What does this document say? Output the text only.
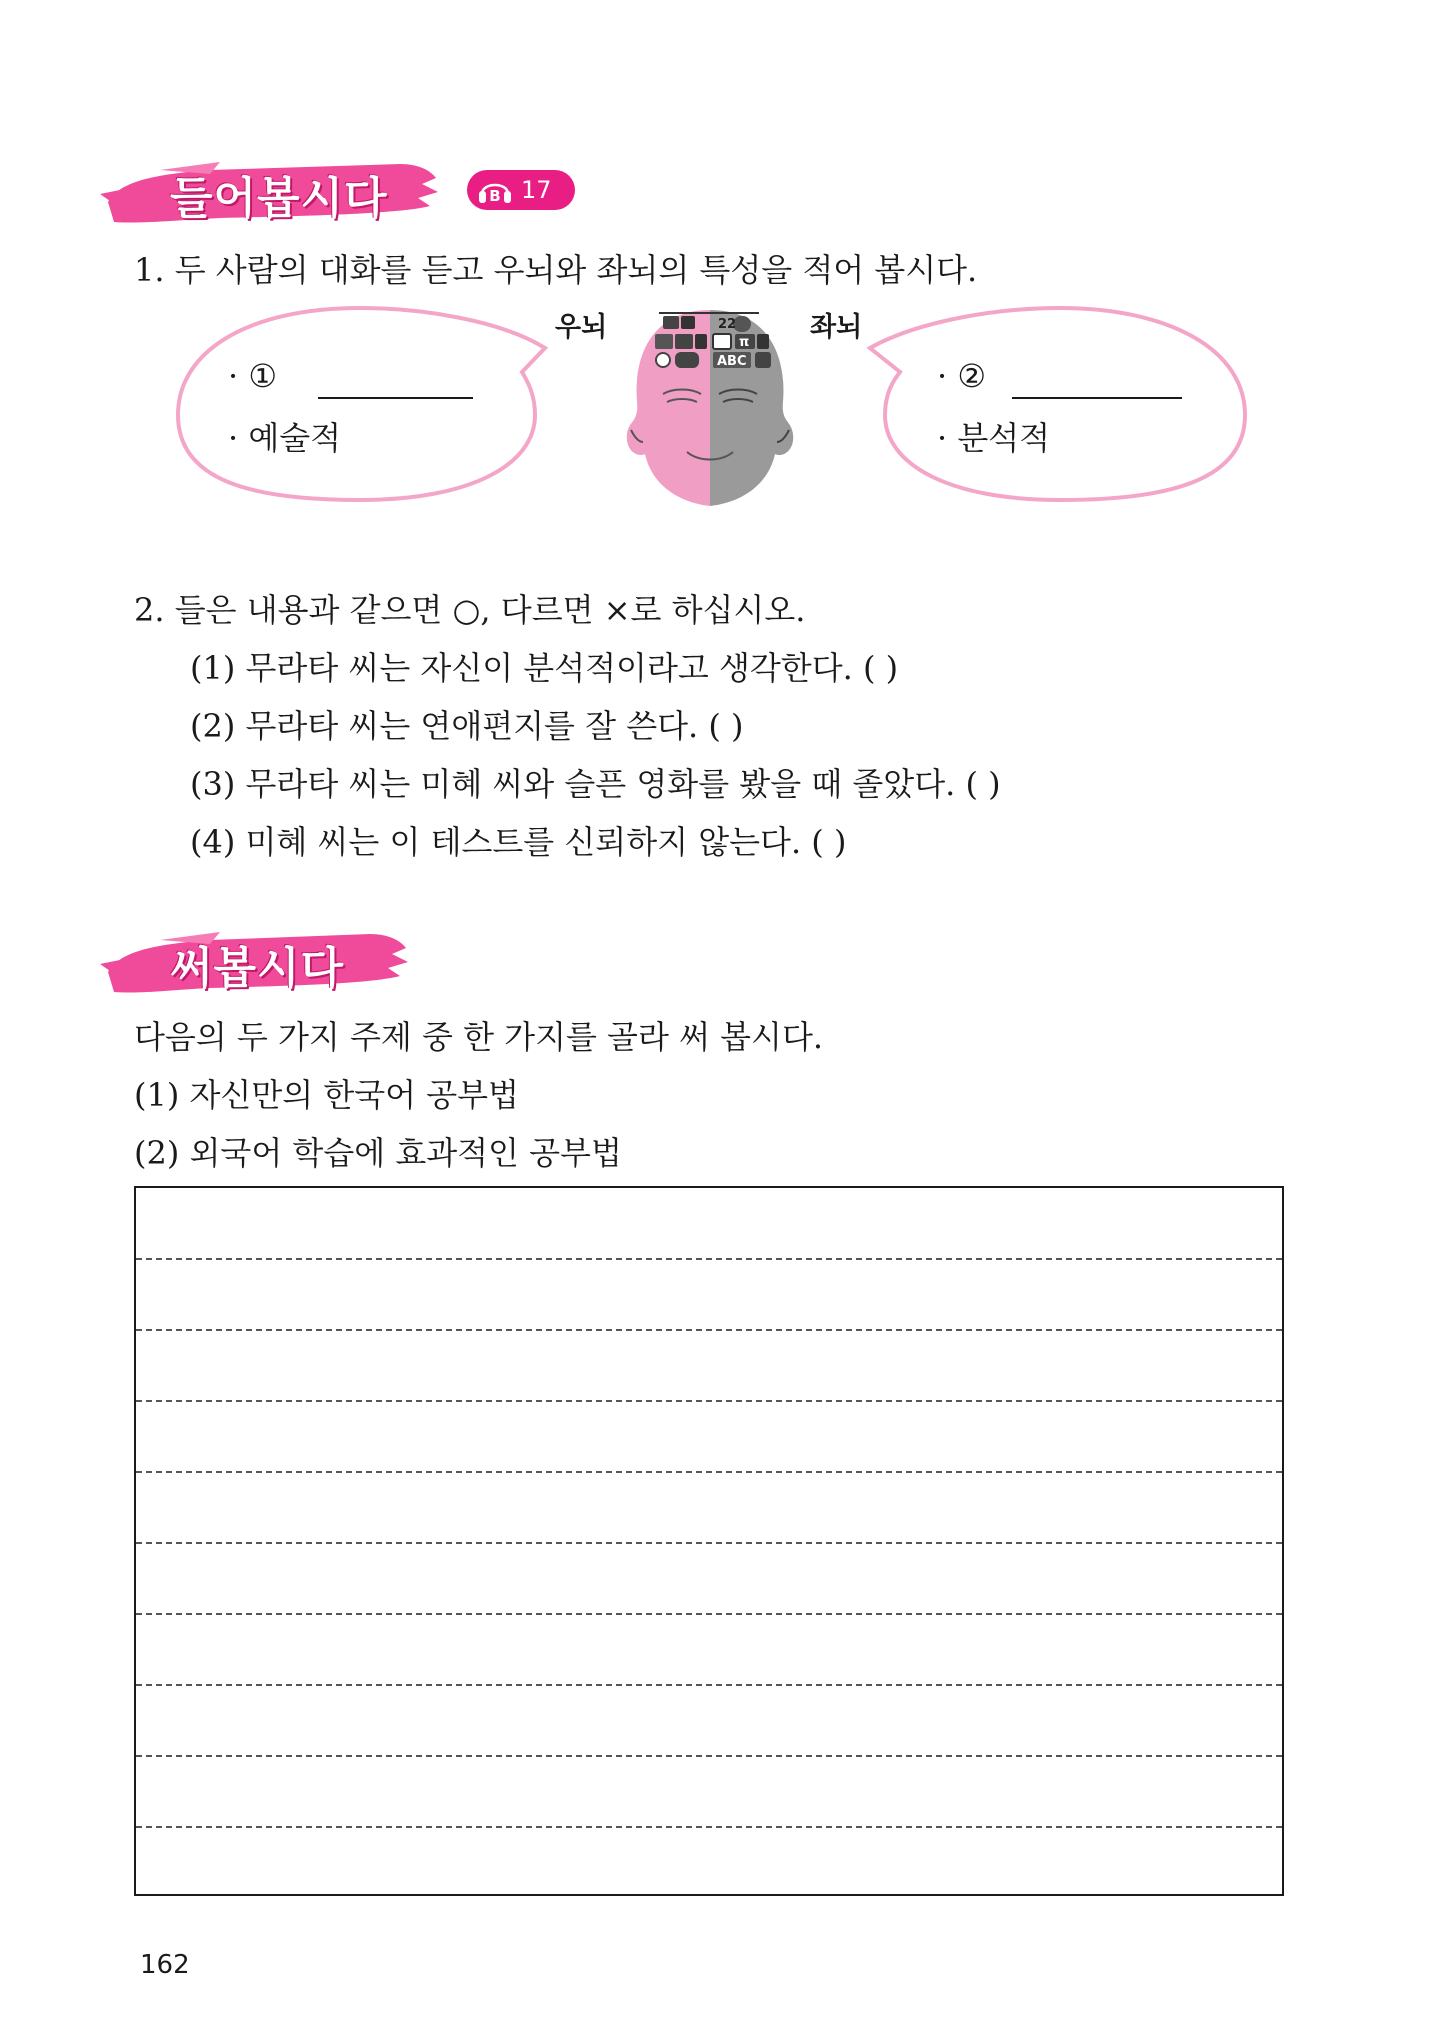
들어봅시다	B 17
1. 두 사람의 대화를 듣고 우뇌와 좌뇌의 특성을 적어 봅시다.
· ①
· 예술적
· ②
· 분석적
우뇌	좌뇌
22
π
ABC
2. 들은 내용과 같으면 ○, 다르면 ×로 하십시오.
(1) 무라타 씨는 자신이 분석적이라고 생각한다. ( )
(2) 무라타 씨는 연애편지를 잘 쓴다. ( )
(3) 무라타 씨는 미혜 씨와 슬픈 영화를 봤을 때 졸았다. ( )
(4) 미혜 씨는 이 테스트를 신뢰하지 않는다. ( )
써봅시다
다음의 두 가지 주제 중 한 가지를 골라 써 봅시다.
(1) 자신만의 한국어 공부법
(2) 외국어 학습에 효과적인 공부법
162
